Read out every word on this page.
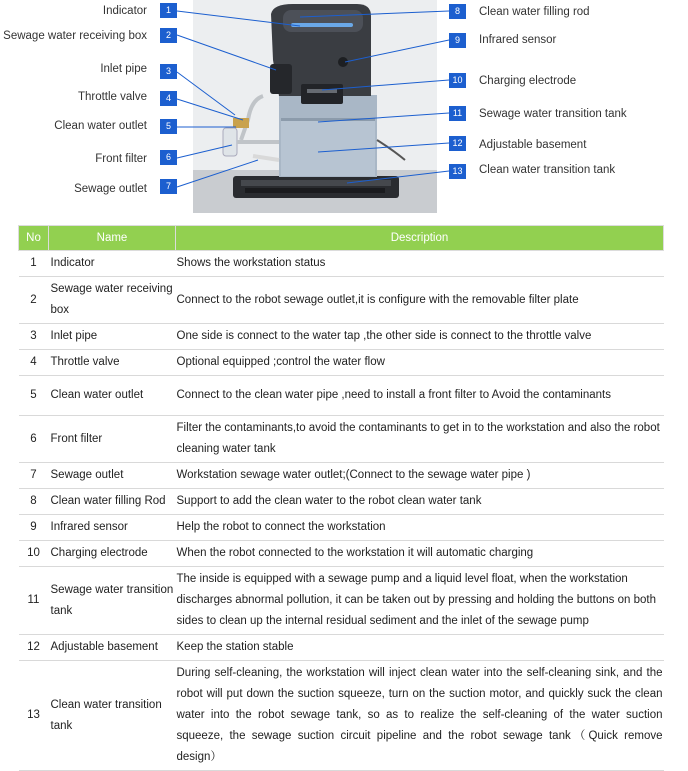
Indicator	1
Sewage water receiving box	2
Inlet pipe	3
Throttle valve	4
Clean water outlet	5
Front filter	6
Sewage outlet	7
8	Clean water filling rod
9	Infrared sensor
10	Charging electrode
11	Sewage water transition tank
12	Adjustable basement
13	Clean water transition tank
No	Name	Description
1	Indicator	Shows the workstation status
2	Sewage water receiving box	Connect to the robot sewage outlet,it is configure with the removable filter plate
3	Inlet pipe	One side is connect to the water tap ,the other side is connect to the throttle valve
4	Throttle valve	Optional equipped ;control the water flow
5	Clean water outlet	Connect to the clean water pipe ,need to install a front filter to Avoid the contaminants
6	Front filter	Filter the contaminants,to avoid the contaminants to get in to the workstation and also the robot cleaning water tank
7	Sewage outlet	Workstation sewage water outlet;(Connect to the sewage water pipe )
8	Clean water filling Rod	Support to add the clean water to the robot clean water tank
9	Infrared sensor	Help the robot to connect the workstation
10	Charging electrode	When the robot connected to the workstation it will automatic charging
11	Sewage water transition tank	The inside is equipped with a sewage pump and a liquid level float, when the workstation discharges abnormal pollution, it can be taken out by pressing and holding the buttons on both sides to clean up the internal residual sediment and the inlet of the sewage pump
12	Adjustable basement	Keep the station stable
13	Clean water transition tank	During self-cleaning, the workstation will inject clean water into the self-cleaning sink, and the robot will put down the suction squeeze, turn on the suction motor, and quickly suck the clean water into the robot sewage tank, so as to realize the self-cleaning of the water suction squeeze, the sewage suction circuit pipeline and the robot sewage tank（Quick remove design）
